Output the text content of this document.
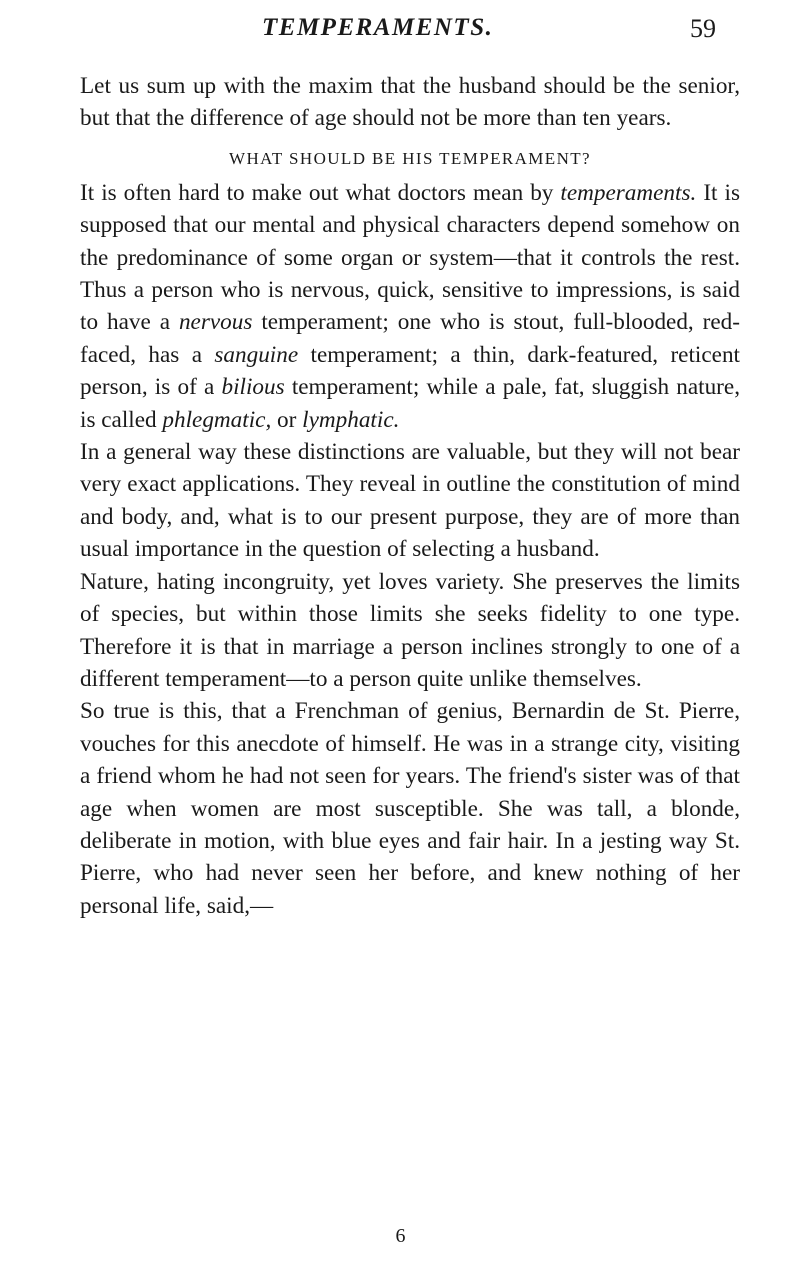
TEMPERAMENTS.	59

Let us sum up with the maxim that the husband should be the senior, but that the difference of age should not be more than ten years.

WHAT SHOULD BE HIS TEMPERAMENT?

It is often hard to make out what doctors mean by temperaments. It is supposed that our mental and physical characters depend somehow on the predominance of some organ or system—that it controls the rest. Thus a person who is nervous, quick, sensitive to impressions, is said to have a nervous temperament; one who is stout, full-blooded, red-faced, has a sanguine temperament; a thin, dark-featured, reticent person, is of a bilious temperament; while a pale, fat, sluggish nature, is called phlegmatic, or lymphatic.

In a general way these distinctions are valuable, but they will not bear very exact applications. They reveal in outline the constitution of mind and body, and, what is to our present purpose, they are of more than usual importance in the question of selecting a husband.

Nature, hating incongruity, yet loves variety. She preserves the limits of species, but within those limits she seeks fidelity to one type. Therefore it is that in marriage a person inclines strongly to one of a different temperament—to a person quite unlike themselves.

So true is this, that a Frenchman of genius, Bernardin de St. Pierre, vouches for this anecdote of himself. He was in a strange city, visiting a friend whom he had not seen for years. The friend's sister was of that age when women are most susceptible. She was tall, a blonde, deliberate in motion, with blue eyes and fair hair. In a jesting way St. Pierre, who had never seen her before, and knew nothing of her personal life, said,—

6
